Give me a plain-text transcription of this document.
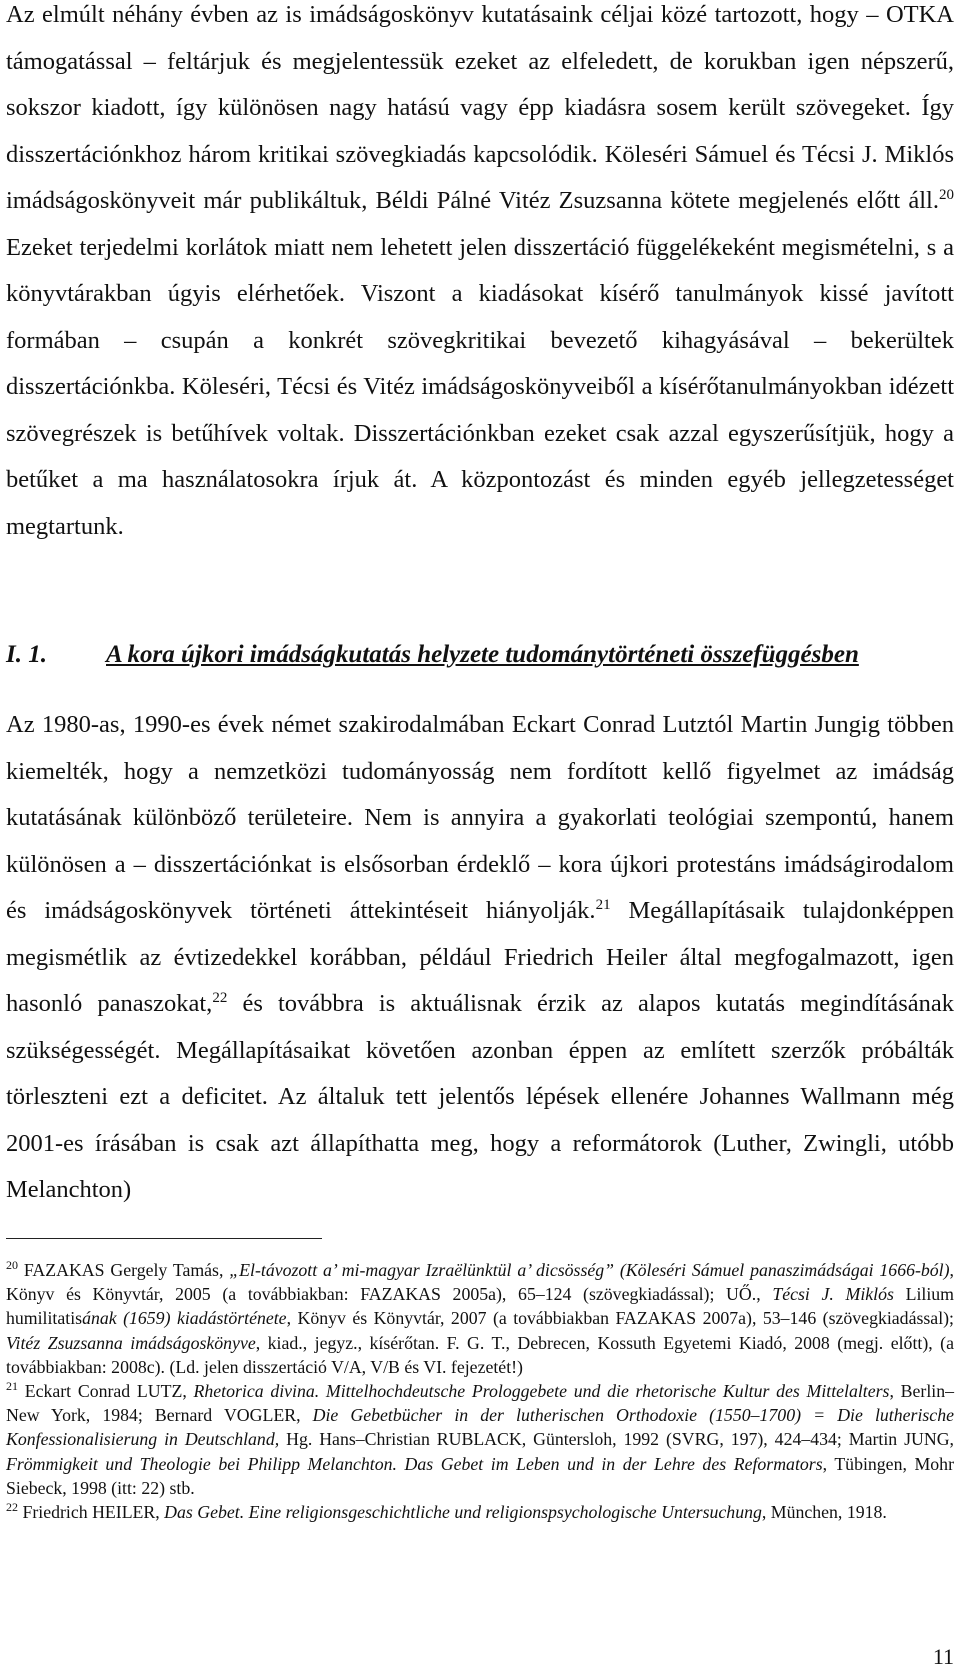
Az elmúlt néhány évben az is imádságoskönyv kutatásaink céljai közé tartozott, hogy – OTKA támogatással – feltárjuk és megjelentessük ezeket az elfeledett, de korukban igen népszerű, sokszor kiadott, így különösen nagy hatású vagy épp kiadásra sosem került szövegeket. Így disszertációnkhoz három kritikai szövegkiadás kapcsolódik. Köleséri Sámuel és Técsi J. Miklós imádságoskönyveit már publikáltuk, Béldi Pálné Vitéz Zsuzsanna kötete megjelenés előtt áll.$^{20}$ Ezeket terjedelmi korlátok miatt nem lehetett jelen disszertáció függelékeként megismételni, s a könyvtárakban úgyis elérhetőek. Viszont a kiadásokat kísérő tanulmányok kissé javított formában – csupán a konkrét szövegkritikai bevezető kihagyásával – bekerültek disszertációnkba. Köleséri, Técsi és Vitéz imádságoskönyveiből a kísérőtanulmányokban idézett szövegrészek is betűhívek voltak. Disszertációnkban ezeket csak azzal egyszerűsítjük, hogy a betűket a ma használatosokra írjuk át. A központozást és minden egyéb jellegzetességet megtartunk.

I. 1. A kora újkori imádságkutatás helyzete tudománytörténeti összefüggésben

Az 1980-as, 1990-es évek német szakirodalmában Eckart Conrad Lutztól Martin Jungig többen kiemelték, hogy a nemzetközi tudományosság nem fordított kellő figyelmet az imádság kutatásának különböző területeire. Nem is annyira a gyakorlati teológiai szempontú, hanem különösen a – disszertációnkat is elsősorban érdeklő – kora újkori protestáns imádságirodalom és imádságoskönyvek történeti áttekintéseit hiányolják.$^{21}$ Megállapításaik tulajdonképpen megismétlik az évtizedekkel korábban, például Friedrich Heiler által megfogalmazott, igen hasonló panaszokat,$^{22}$ és továbbra is aktuálisnak érzik az alapos kutatás megindításának szükségességét. Megállapításaikat követően azonban éppen az említett szerzők próbálták törleszteni ezt a deficitet. Az általuk tett jelentős lépések ellenére Johannes Wallmann még 2001-es írásában is csak azt állapíthatta meg, hogy a reformátorok (Luther, Zwingli, utóbb Melanchton)

$^{20}$ FAZAKAS Gergely Tamás, „El-távozott a’ mi-magyar Izraëlünktül a’ dicsösség” (Köleséri Sámuel panaszimádságai 1666-ból), Könyv és Könyvtár, 2005 (a továbbiakban: FAZAKAS 2005a), 65–124 (szövegkiadással); UŐ., Técsi J. Miklós Lilium humilitatisának (1659) kiadástörténete, Könyv és Könyvtár, 2007 (a továbbiakban FAZAKAS 2007a), 53–146 (szövegkiadással); Vitéz Zsuzsanna imádságoskönyve, kiad., jegyz., kísérőtan. F. G. T., Debrecen, Kossuth Egyetemi Kiadó, 2008 (megj. előtt), (a továbbiakban: 2008c). (Ld. jelen disszertáció V/A, V/B és VI. fejezetét!)

$^{21}$ Eckart Conrad LUTZ, Rhetorica divina. Mittelhochdeutsche Prologgebete und die rhetorische Kultur des Mittelalters, Berlin–New York, 1984; Bernard VOGLER, Die Gebetbücher in der lutherischen Orthodoxie (1550–1700) = Die lutherische Konfessionalisierung in Deutschland, Hg. Hans–Christian RUBLACK, Güntersloh, 1992 (SVRG, 197), 424–434; Martin JUNG, Frömmigkeit und Theologie bei Philipp Melanchton. Das Gebet im Leben und in der Lehre des Reformators, Tübingen, Mohr Siebeck, 1998 (itt: 22) stb.

$^{22}$ Friedrich HEILER, Das Gebet. Eine religionsgeschichtliche und religionspsychologische Untersuchung, München, 1918.

11
